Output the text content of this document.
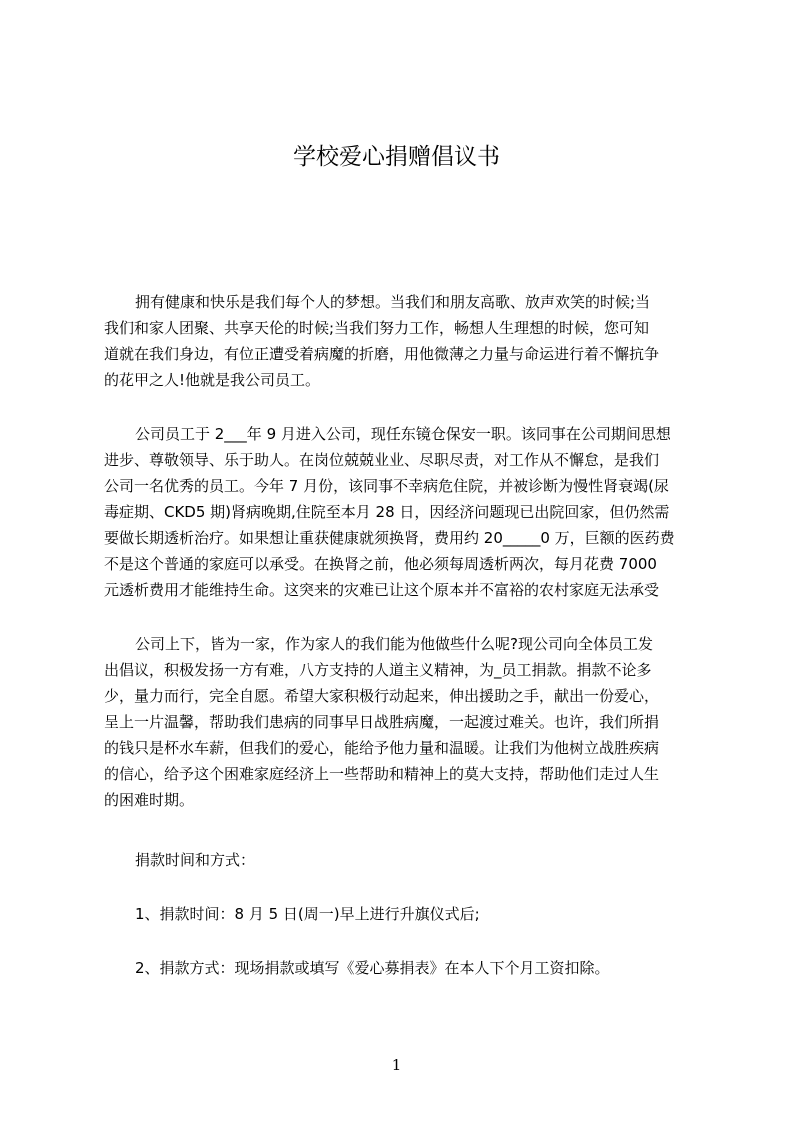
学校爱心捐赠倡议书
拥有健康和快乐是我们每个人的梦想。当我们和朋友高歌、放声欢笑的时候;当
我们和家人团聚、共享天伦的时候;当我们努力工作，畅想人生理想的时候，您可知
道就在我们身边，有位正遭受着病魔的折磨，用他微薄之力量与命运进行着不懈抗争
的花甲之人!他就是我公司员工。
公司员工于 2___年 9 月进入公司，现任东镜仓保安一职。该同事在公司期间思想
进步、尊敬领导、乐于助人。在岗位兢兢业业、尽职尽责，对工作从不懈怠，是我们
公司一名优秀的员工。今年 7 月份，该同事不幸病危住院，并被诊断为慢性肾衰竭(尿
毒症期、CKD5 期)肾病晚期,住院至本月 28 日，因经济问题现已出院回家，但仍然需
要做长期透析治疗。如果想让重获健康就须换肾，费用约 20_____0 万，巨额的医药费
不是这个普通的家庭可以承受。在换肾之前，他必须每周透析两次，每月花费 7000
元透析费用才能维持生命。这突来的灾难已让这个原本并不富裕的农村家庭无法承受
公司上下，皆为一家，作为家人的我们能为他做些什么呢?现公司向全体员工发
出倡议，积极发扬一方有难，八方支持的人道主义精神，为_员工捐款。捐款不论多
少，量力而行，完全自愿。希望大家积极行动起来，伸出援助之手，献出一份爱心，
呈上一片温馨，帮助我们患病的同事早日战胜病魔，一起渡过难关。也许，我们所捐
的钱只是杯水车薪，但我们的爱心，能给予他力量和温暖。让我们为他树立战胜疾病
的信心，给予这个困难家庭经济上一些帮助和精神上的莫大支持，帮助他们走过人生
的困难时期。
捐款时间和方式：
1、捐款时间：8 月 5 日(周一)早上进行升旗仪式后;
2、捐款方式：现场捐款或填写《爱心募捐表》在本人下个月工资扣除。
1
